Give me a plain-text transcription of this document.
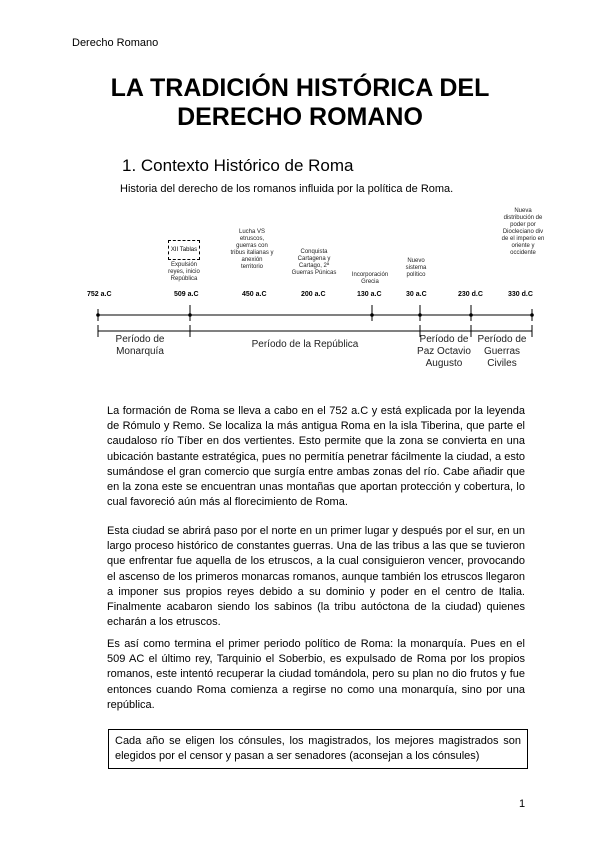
Derecho Romano
LA TRADICIÓN HISTÓRICA DEL
DERECHO ROMANO
1. Contexto Histórico de Roma
Historia del derecho de los romanos influida por la política de Roma.
XII Tablas
Expulsión reyes, inicio República
Lucha VS etruscos, guerras con tribus italianas y anexión territorio
Conquista Cartagena y Cartago, 2ª Guerras Púnicas	Incorporación Grecia
Nuevo sistema político
Nueva distribución de poder por Diocleciano div de el imperio en oriente y occidente
752 a.C	509 a.C	450 a.C	200 a.C	130 a.C	30 a.C	230 d.C	330 d.C
Período de Monarquía
Período de la República	Período de Paz Octavio Augusto
Período de Guerras Civiles

La formación de Roma se lleva a cabo en el 752 a.C y está explicada por la leyenda de Rómulo y Remo. Se localiza la más antigua Roma en la isla Tiberina, que parte el caudaloso río Tíber en dos vertientes. Esto permite que la zona se convierta en una ubicación bastante estratégica, pues no permitía penetrar fácilmente la ciudad, a esto sumándose el gran comercio que surgía entre ambas zonas del río. Cabe añadir que en la zona este se encuentran unas montañas que aportan protección y cobertura, lo cual favoreció aún más al florecimiento de Roma.

Esta ciudad se abrirá paso por el norte en un primer lugar y después por el sur, en un largo proceso histórico de constantes guerras. Una de las tribus a las que se tuvieron que enfrentar fue aquella de los etruscos, a la cual consiguieron vencer, provocando el ascenso de los primeros monarcas romanos, aunque también los etruscos llegaron a imponer sus propios reyes debido a su dominio y poder en el centro de Italia. Finalmente acabaron siendo los sabinos (la tribu autóctona de la ciudad) quienes echarán a los etruscos.

Es así como termina el primer periodo político de Roma: la monarquía. Pues en el 509 AC el último rey, Tarquinio el Soberbio, es expulsado de Roma por los propios romanos, este intentó recuperar la ciudad tomándola, pero su plan no dio frutos y fue entonces cuando Roma comienza a regirse no como una monarquía, sino por una república.

Cada año se eligen los cónsules, los magistrados, los mejores magistrados son elegidos por el censor y pasan a ser senadores (aconsejan a los cónsules)
1
